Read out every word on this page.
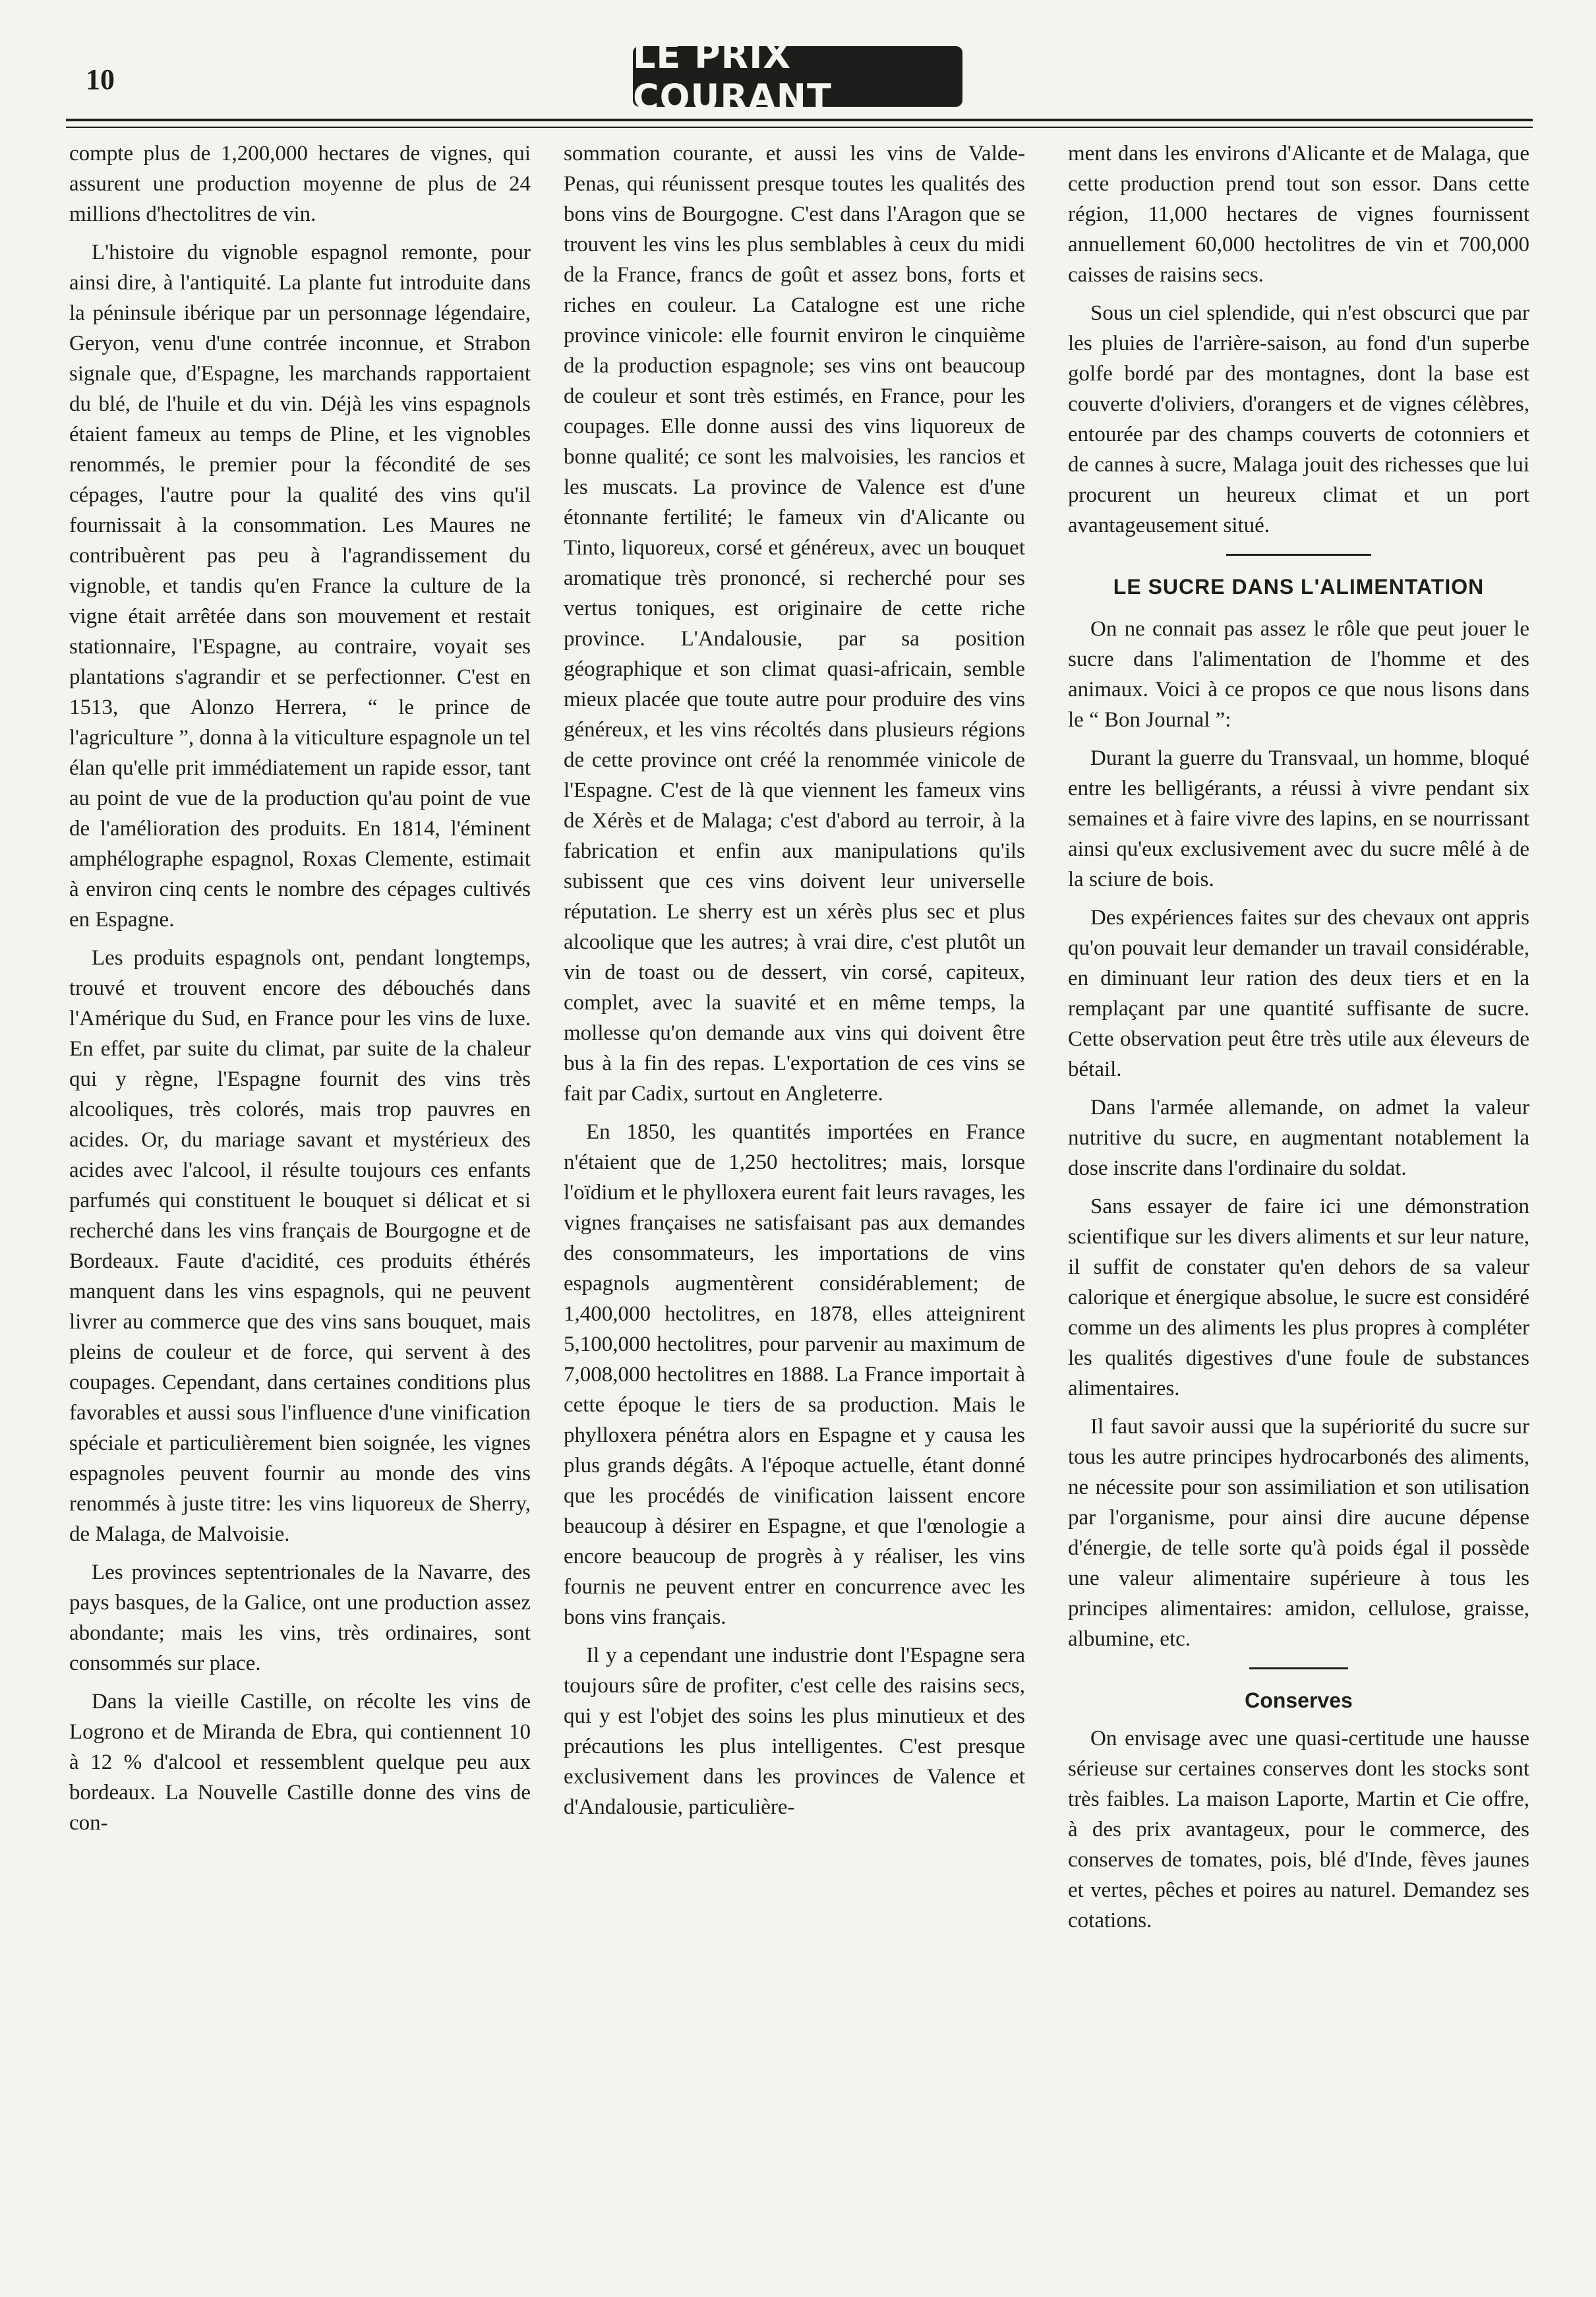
10
LE PRIX COURANT

compte plus de 1,200,000 hectares de vignes, qui assurent une production moyenne de plus de 24 millions d'hectolitres de vin.

L'histoire du vignoble espagnol remonte, pour ainsi dire, à l'antiquité. La plante fut introduite dans la péninsule ibérique par un personnage légendaire, Geryon, venu d'une contrée inconnue, et Strabon signale que, d'Espagne, les marchands rapportaient du blé, de l'huile et du vin. Déjà les vins espagnols étaient fameux au temps de Pline, et les vignobles renommés, le premier pour la fécondité de ses cépages, l'autre pour la qualité des vins qu'il fournissait à la consommation. Les Maures ne contribuèrent pas peu à l'agrandissement du vignoble, et tandis qu'en France la culture de la vigne était arrêtée dans son mouvement et restait stationnaire, l'Espagne, au contraire, voyait ses plantations s'agrandir et se perfectionner. C'est en 1513, que Alonzo Herrera, “ le prince de l'agriculture ”, donna à la viticulture espagnole un tel élan qu'elle prit immédiatement un rapide essor, tant au point de vue de la production qu'au point de vue de l'amélioration des produits. En 1814, l'éminent amphélographe espagnol, Roxas Clemente, estimait à environ cinq cents le nombre des cépages cultivés en Espagne.

Les produits espagnols ont, pendant longtemps, trouvé et trouvent encore des débouchés dans l'Amérique du Sud, en France pour les vins de luxe. En effet, par suite du climat, par suite de la chaleur qui y règne, l'Espagne fournit des vins très alcooliques, très colorés, mais trop pauvres en acides. Or, du mariage savant et mystérieux des acides avec l'alcool, il résulte toujours ces enfants parfumés qui constituent le bouquet si délicat et si recherché dans les vins français de Bourgogne et de Bordeaux. Faute d'acidité, ces produits éthérés manquent dans les vins espagnols, qui ne peuvent livrer au commerce que des vins sans bouquet, mais pleins de couleur et de force, qui servent à des coupages. Cependant, dans certaines conditions plus favorables et aussi sous l'influence d'une vinification spéciale et particulièrement bien soignée, les vignes espagnoles peuvent fournir au monde des vins renommés à juste titre: les vins liquoreux de Sherry, de Malaga, de Malvoisie.

Les provinces septentrionales de la Navarre, des pays basques, de la Galice, ont une production assez abondante; mais les vins, très ordinaires, sont consommés sur place.

Dans la vieille Castille, on récolte les vins de Logrono et de Miranda de Ebra, qui contiennent 10 à 12 % d'alcool et ressemblent quelque peu aux bordeaux. La Nouvelle Castille donne des vins de con-

sommation courante, et aussi les vins de Valde-Penas, qui réunissent presque toutes les qualités des bons vins de Bourgogne. C'est dans l'Aragon que se trouvent les vins les plus semblables à ceux du midi de la France, francs de goût et assez bons, forts et riches en couleur. La Catalogne est une riche province vinicole: elle fournit environ le cinquième de la production espagnole; ses vins ont beaucoup de couleur et sont très estimés, en France, pour les coupages. Elle donne aussi des vins liquoreux de bonne qualité; ce sont les malvoisies, les rancios et les muscats. La province de Valence est d'une étonnante fertilité; le fameux vin d'Alicante ou Tinto, liquoreux, corsé et généreux, avec un bouquet aromatique très prononcé, si recherché pour ses vertus toniques, est originaire de cette riche province. L'Andalousie, par sa position géographique et son climat quasi-africain, semble mieux placée que toute autre pour produire des vins généreux, et les vins récoltés dans plusieurs régions de cette province ont créé la renommée vinicole de l'Espagne. C'est de là que viennent les fameux vins de Xérès et de Malaga; c'est d'abord au terroir, à la fabrication et enfin aux manipulations qu'ils subissent que ces vins doivent leur universelle réputation. Le sherry est un xérès plus sec et plus alcoolique que les autres; à vrai dire, c'est plutôt un vin de toast ou de dessert, vin corsé, capiteux, complet, avec la suavité et en même temps, la mollesse qu'on demande aux vins qui doivent être bus à la fin des repas. L'exportation de ces vins se fait par Cadix, surtout en Angleterre.

En 1850, les quantités importées en France n'étaient que de 1,250 hectolitres; mais, lorsque l'oïdium et le phylloxera eurent fait leurs ravages, les vignes françaises ne satisfaisant pas aux demandes des consommateurs, les importations de vins espagnols augmentèrent considérablement; de 1,400,000 hectolitres, en 1878, elles atteignirent 5,100,000 hectolitres, pour parvenir au maximum de 7,008,000 hectolitres en 1888. La France importait à cette époque le tiers de sa production. Mais le phylloxera pénétra alors en Espagne et y causa les plus grands dégâts. A l'époque actuelle, étant donné que les procédés de vinification laissent encore beaucoup à désirer en Espagne, et que l'œnologie a encore beaucoup de progrès à y réaliser, les vins fournis ne peuvent entrer en concurrence avec les bons vins français.

Il y a cependant une industrie dont l'Espagne sera toujours sûre de profiter, c'est celle des raisins secs, qui y est l'objet des soins les plus minutieux et des précautions les plus intelligentes. C'est presque exclusivement dans les provinces de Valence et d'Andalousie, particulière-

ment dans les environs d'Alicante et de Malaga, que cette production prend tout son essor. Dans cette région, 11,000 hectares de vignes fournissent annuellement 60,000 hectolitres de vin et 700,000 caisses de raisins secs.

Sous un ciel splendide, qui n'est obscurci que par les pluies de l'arrière-saison, au fond d'un superbe golfe bordé par des montagnes, dont la base est couverte d'oliviers, d'orangers et de vignes célèbres, entourée par des champs couverts de cotonniers et de cannes à sucre, Malaga jouit des richesses que lui procurent un heureux climat et un port avantageusement situé.

LE SUCRE DANS L'ALIMENTATION

On ne connait pas assez le rôle que peut jouer le sucre dans l'alimentation de l'homme et des animaux. Voici à ce propos ce que nous lisons dans le “ Bon Journal ”:

Durant la guerre du Transvaal, un homme, bloqué entre les belligérants, a réussi à vivre pendant six semaines et à faire vivre des lapins, en se nourrissant ainsi qu'eux exclusivement avec du sucre mêlé à de la sciure de bois.

Des expériences faites sur des chevaux ont appris qu'on pouvait leur demander un travail considérable, en diminuant leur ration des deux tiers et en la remplaçant par une quantité suffisante de sucre. Cette observation peut être très utile aux éleveurs de bétail.

Dans l'armée allemande, on admet la valeur nutritive du sucre, en augmentant notablement la dose inscrite dans l'ordinaire du soldat.

Sans essayer de faire ici une démonstration scientifique sur les divers aliments et sur leur nature, il suffit de constater qu'en dehors de sa valeur calorique et énergique absolue, le sucre est considéré comme un des aliments les plus propres à compléter les qualités digestives d'une foule de substances alimentaires.

Il faut savoir aussi que la supériorité du sucre sur tous les autre principes hydrocarbonés des aliments, ne nécessite pour son assimiliation et son utilisation par l'organisme, pour ainsi dire aucune dépense d'énergie, de telle sorte qu'à poids égal il possède une valeur alimentaire supérieure à tous les principes alimentaires: amidon, cellulose, graisse, albumine, etc.

Conserves

On envisage avec une quasi-certitude une hausse sérieuse sur certaines conserves dont les stocks sont très faibles. La maison Laporte, Martin et Cie offre, à des prix avantageux, pour le commerce, des conserves de tomates, pois, blé d'Inde, fèves jaunes et vertes, pêches et poires au naturel. Demandez ses cotations.
